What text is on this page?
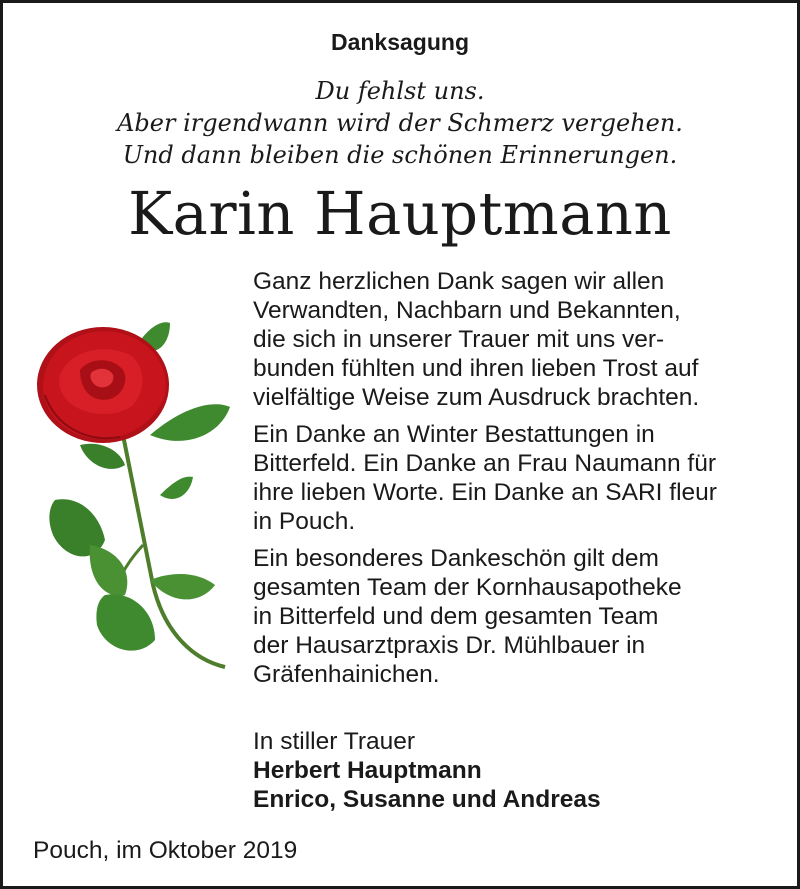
Danksagung
Du fehlst uns.
Aber irgendwann wird der Schmerz vergehen.
Und dann bleiben die schönen Erinnerungen.
Karin Hauptmann

Ganz herzlichen Dank sagen wir allen
Verwandten, Nachbarn und Bekannten,
die sich in unserer Trauer mit uns ver-
bunden fühlten und ihren lieben Trost auf
vielfältige Weise zum Ausdruck brachten.

Ein Danke an Winter Bestattungen in
Bitterfeld. Ein Danke an Frau Naumann für
ihre lieben Worte. Ein Danke an SARI fleur
in Pouch.

Ein besonderes Dankeschön gilt dem
gesamten Team der Kornhausapotheke
in Bitterfeld und dem gesamten Team
der Hausarztpraxis Dr. Mühlbauer in
Gräfenhainichen.

In stiller Trauer
Herbert Hauptmann
Enrico, Susanne und Andreas
Pouch, im Oktober 2019
